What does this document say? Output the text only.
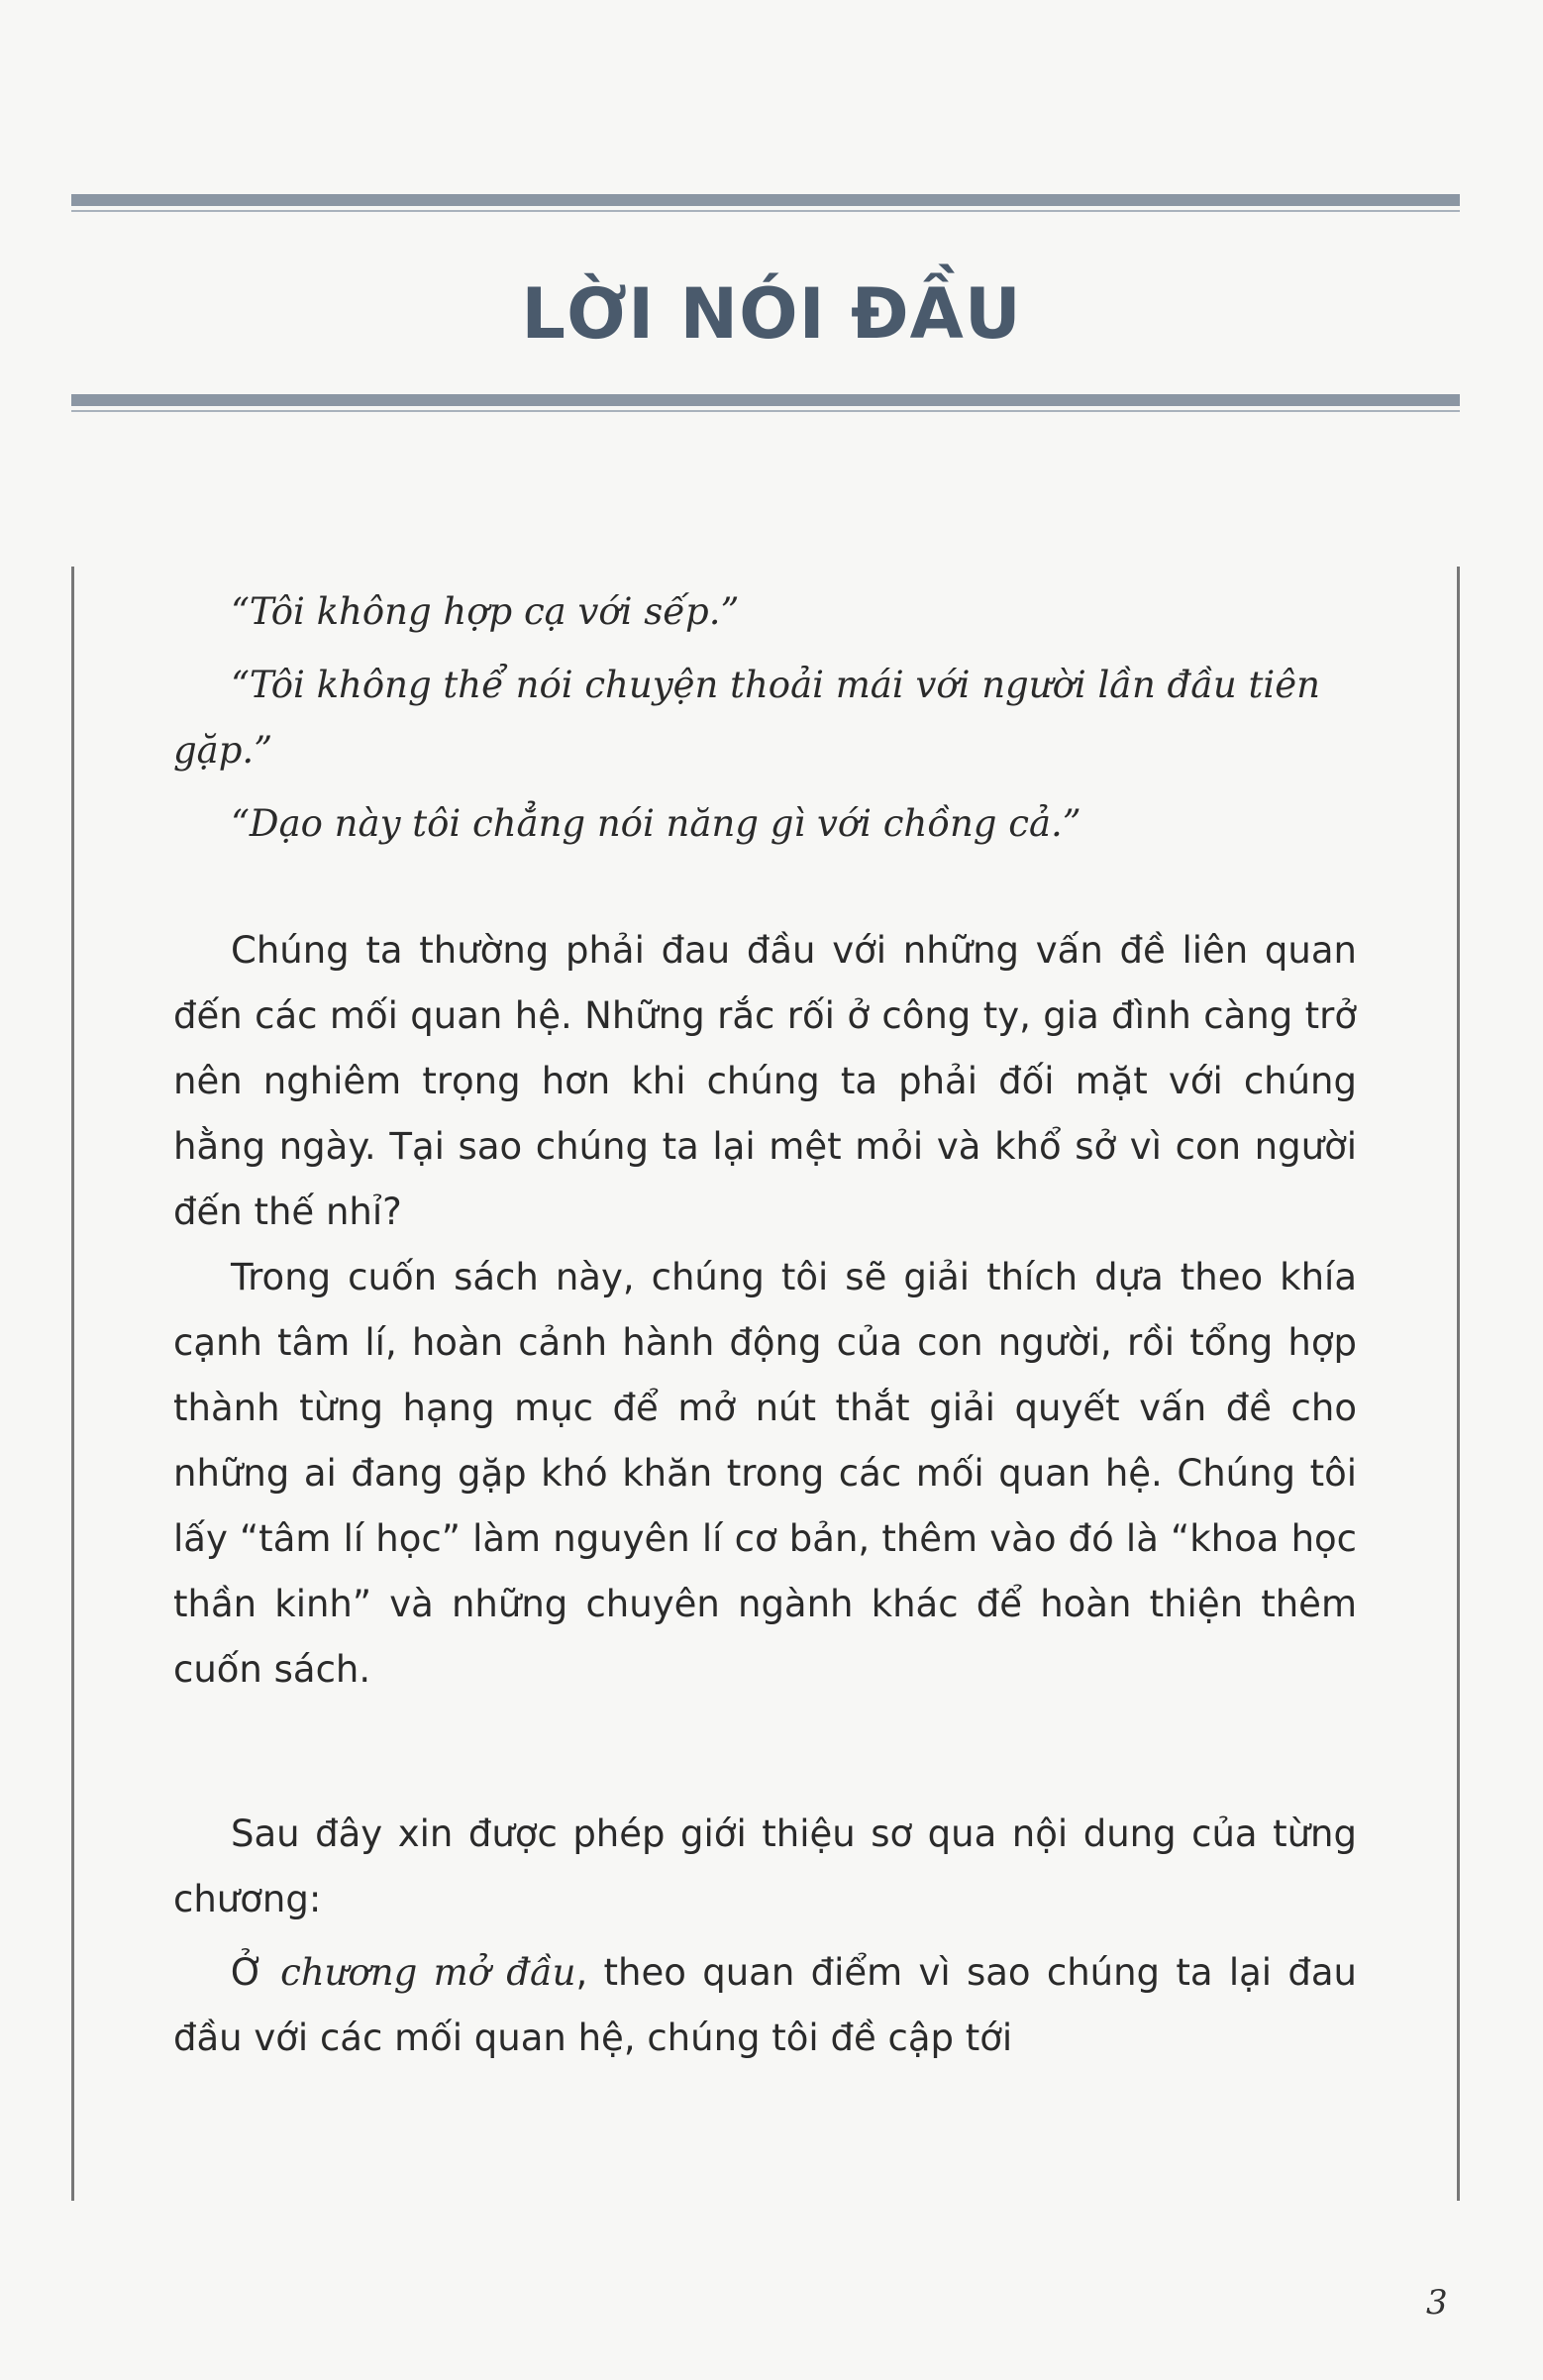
LỜI NÓI ĐẦU

“Tôi không hợp cạ với sếp.”

“Tôi không thể nói chuyện thoải mái với người lần đầu tiên gặp.”

“Dạo này tôi chẳng nói năng gì với chồng cả.”

Chúng ta thường phải đau đầu với những vấn đề liên quan đến các mối quan hệ. Những rắc rối ở công ty, gia đình càng trở nên nghiêm trọng hơn khi chúng ta phải đối mặt với chúng hằng ngày. Tại sao chúng ta lại mệt mỏi và khổ sở vì con người đến thế nhỉ?

Trong cuốn sách này, chúng tôi sẽ giải thích dựa theo khía cạnh tâm lí, hoàn cảnh hành động của con người, rồi tổng hợp thành từng hạng mục để mở nút thắt giải quyết vấn đề cho những ai đang gặp khó khăn trong các mối quan hệ. Chúng tôi lấy “tâm lí học” làm nguyên lí cơ bản, thêm vào đó là “khoa học thần kinh” và những chuyên ngành khác để hoàn thiện thêm cuốn sách.

Sau đây xin được phép giới thiệu sơ qua nội dung của từng chương:

Ở chương mở đầu, theo quan điểm vì sao chúng ta lại đau đầu với các mối quan hệ, chúng tôi đề cập tới

3
